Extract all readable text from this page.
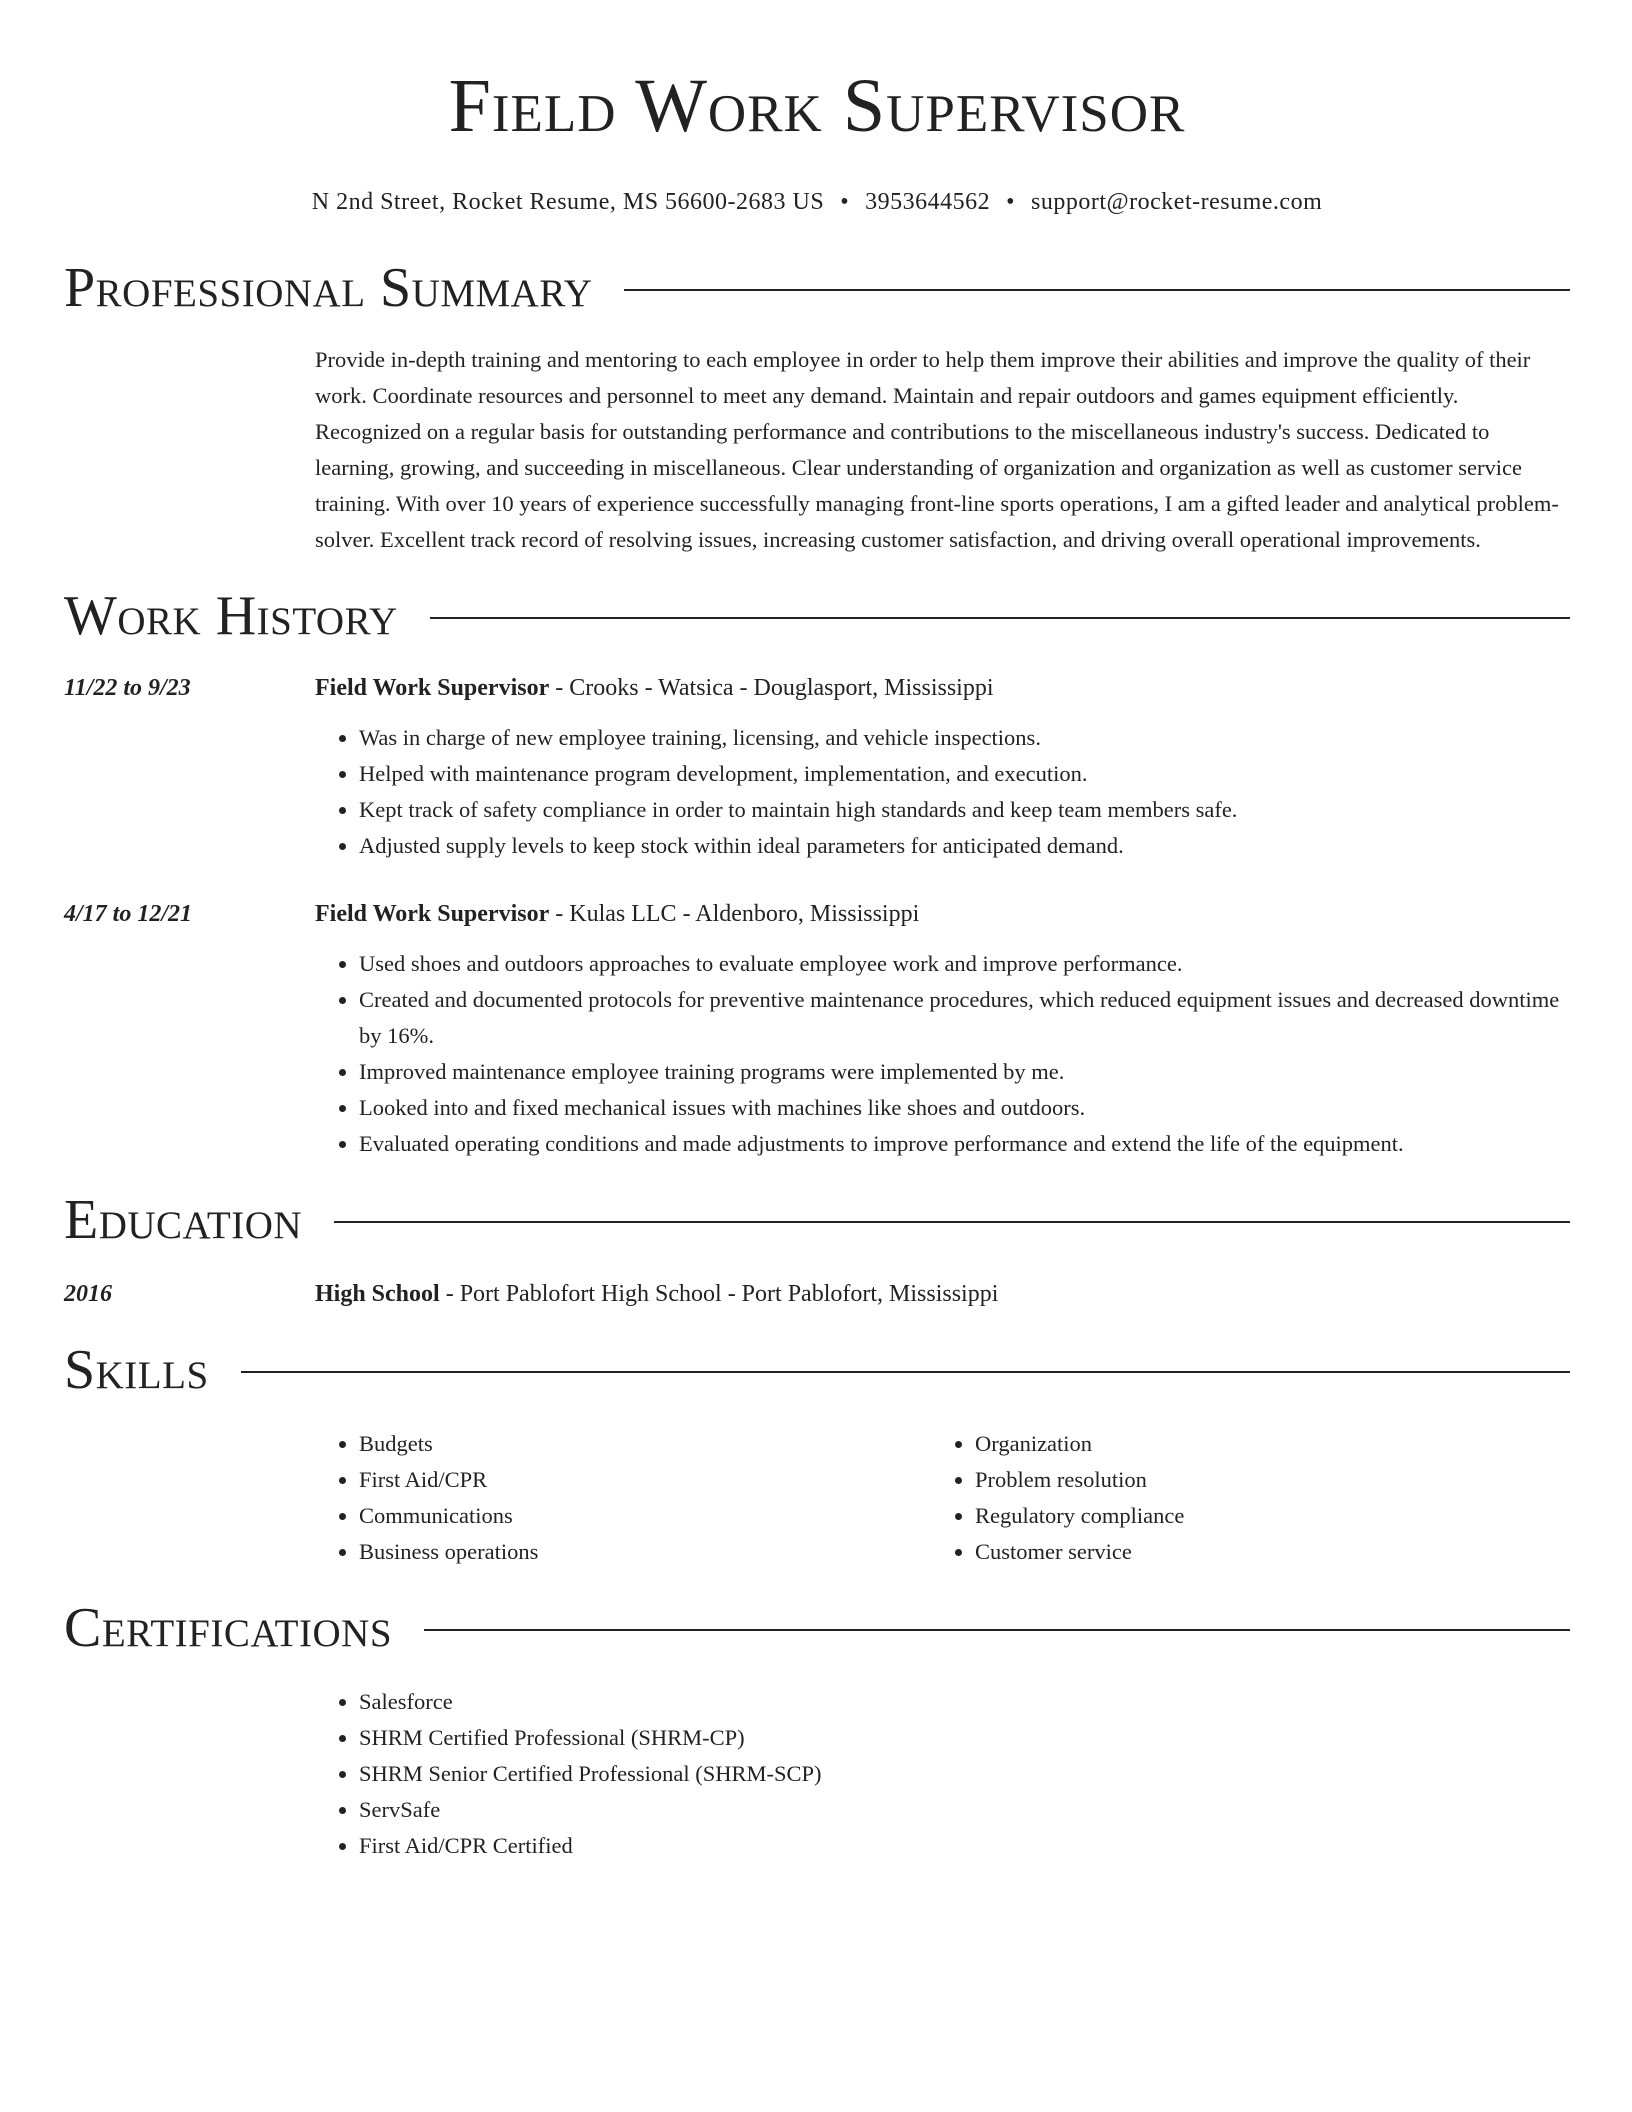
Field Work Supervisor
N 2nd Street, Rocket Resume, MS 56600-2683 US • 3953644562 • support@rocket-resume.com
Professional Summary
Provide in-depth training and mentoring to each employee in order to help them improve their abilities and improve the quality of their work. Coordinate resources and personnel to meet any demand. Maintain and repair outdoors and games equipment efficiently. Recognized on a regular basis for outstanding performance and contributions to the miscellaneous industry's success. Dedicated to learning, growing, and succeeding in miscellaneous. Clear understanding of organization and organization as well as customer service training. With over 10 years of experience successfully managing front-line sports operations, I am a gifted leader and analytical problem-solver. Excellent track record of resolving issues, increasing customer satisfaction, and driving overall operational improvements.
Work History
11/22 to 9/23	Field Work Supervisor - Crooks - Watsica - Douglasport, Mississippi
• Was in charge of new employee training, licensing, and vehicle inspections.
• Helped with maintenance program development, implementation, and execution.
• Kept track of safety compliance in order to maintain high standards and keep team members safe.
• Adjusted supply levels to keep stock within ideal parameters for anticipated demand.
4/17 to 12/21	Field Work Supervisor - Kulas LLC - Aldenboro, Mississippi
• Used shoes and outdoors approaches to evaluate employee work and improve performance.
• Created and documented protocols for preventive maintenance procedures, which reduced equipment issues and decreased downtime by 16%.
• Improved maintenance employee training programs were implemented by me.
• Looked into and fixed mechanical issues with machines like shoes and outdoors.
• Evaluated operating conditions and made adjustments to improve performance and extend the life of the equipment.
Education
2016	High School - Port Pablofort High School - Port Pablofort, Mississippi
Skills
• Budgets
• First Aid/CPR
• Communications
• Business operations
• Organization
• Problem resolution
• Regulatory compliance
• Customer service
Certifications
• Salesforce
• SHRM Certified Professional (SHRM-CP)
• SHRM Senior Certified Professional (SHRM-SCP)
• ServSafe
• First Aid/CPR Certified
